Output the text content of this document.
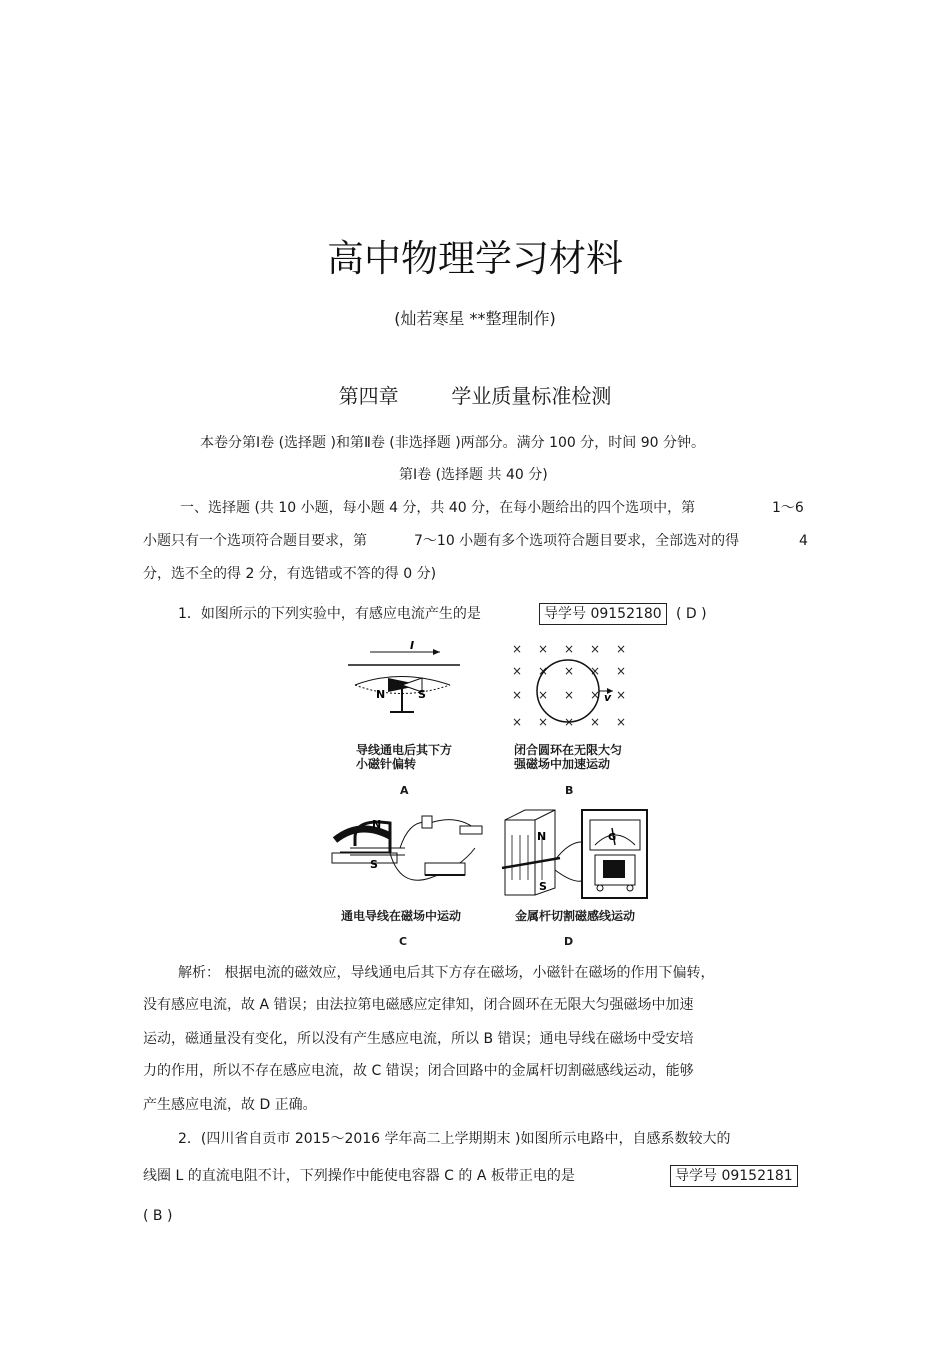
高中物理学习材料
(灿若寒星 **整理制作)
第四章	学业质量标准检测
本卷分第Ⅰ卷 (选择题 )和第Ⅱ卷 (非选择题 )两部分。满分 100 分，时间 90 分钟。
第Ⅰ卷 (选择题 共 40 分)
一、选择题 (共 10 小题，每小题 4 分，共 40 分，在每小题给出的四个选项中，第	1～6
小题只有一个选项符合题目要求，第	7～10 小题有多个选项符合题目要求，全部选对的得	4
分，选不全的得 2 分，有选错或不答的得 0 分)
1．如图所示的下列实验中，有感应电流产生的是	导学号 09152180	( D )
I
N	S
导线通电后其下方
小磁针偏转
A
× × × × ×
× × × × ×
× × × × ×
× × × × ×
v
闭合圆环在无限大匀
强磁场中加速运动
B
N
S
通电导线在磁场中运动
C
N
S
G
金属杆切割磁感线运动
D
解析： 根据电流的磁效应，导线通电后其下方存在磁场，小磁针在磁场的作用下偏转，
没有感应电流，故 A 错误；由法拉第电磁感应定律知，闭合圆环在无限大匀强磁场中加速
运动，磁通量没有变化，所以没有产生感应电流，所以 B 错误；通电导线在磁场中受安培
力的作用，所以不存在感应电流，故 C 错误；闭合回路中的金属杆切割磁感线运动，能够
产生感应电流，故 D 正确。
2．(四川省自贡市 2015～2016 学年高二上学期期末 )如图所示电路中，自感系数较大的
线圈 L 的直流电阻不计，下列操作中能使电容器 C 的 A 板带正电的是	导学号 09152181
( B )
